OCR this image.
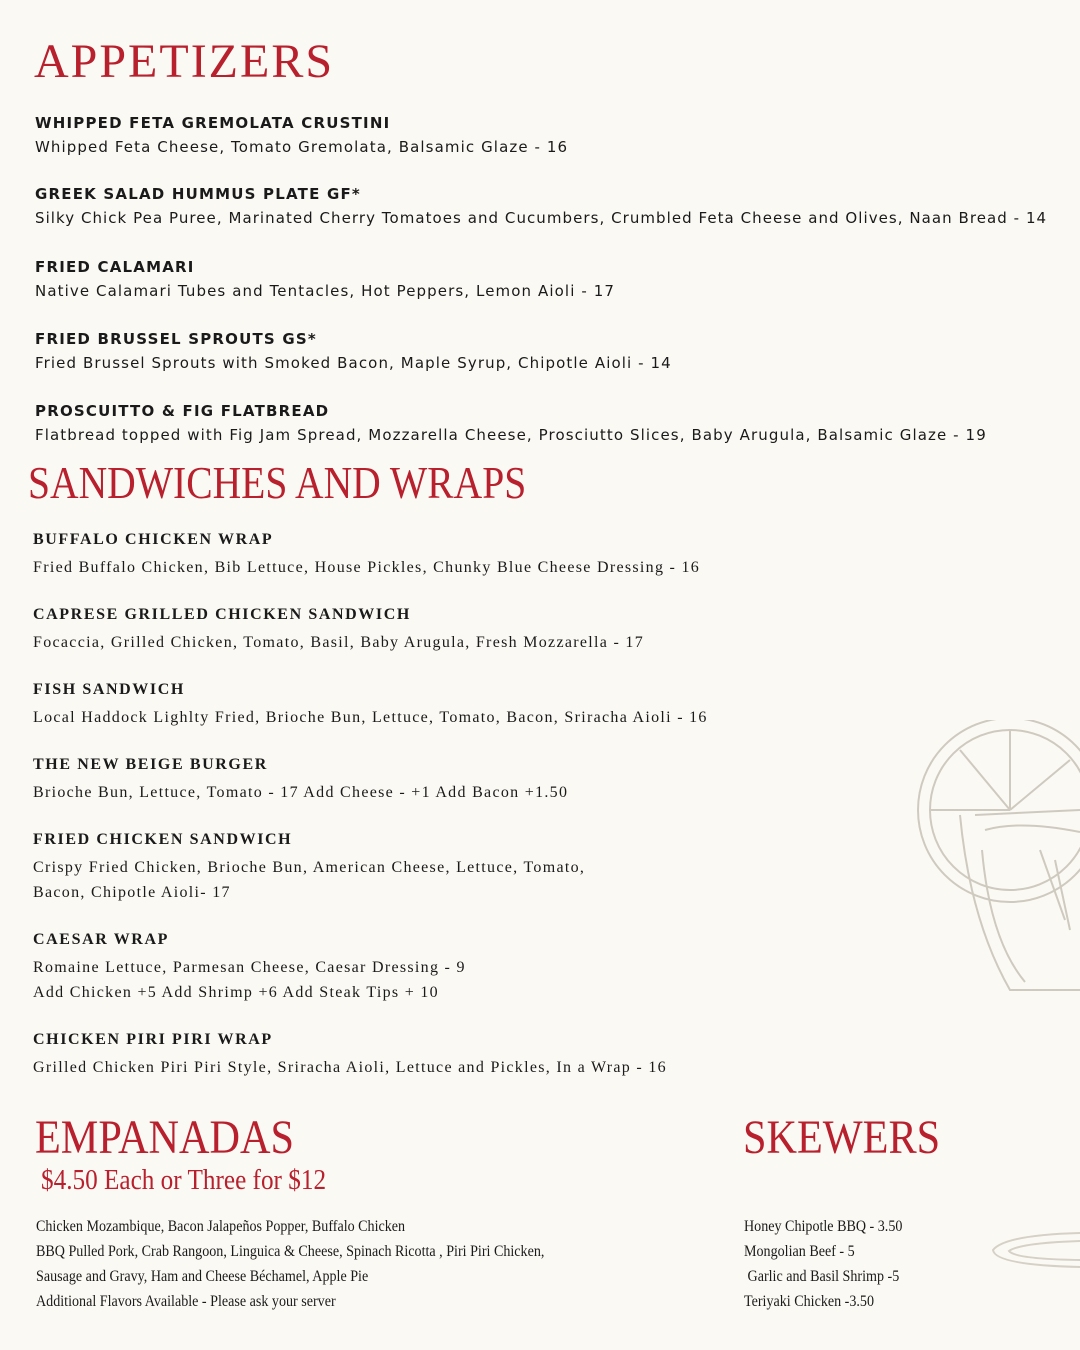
APPETIZERS

WHIPPED FETA GREMOLATA CRUSTINI

Whipped Feta Cheese, Tomato Gremolata, Balsamic Glaze - 16

GREEK SALAD HUMMUS PLATE GF*

Silky Chick Pea Puree, Marinated Cherry Tomatoes and Cucumbers, Crumbled Feta Cheese and Olives, Naan Bread - 14

FRIED CALAMARI

Native Calamari Tubes and Tentacles, Hot Peppers, Lemon Aioli - 17

FRIED BRUSSEL SPROUTS GS*

Fried Brussel Sprouts with Smoked Bacon, Maple Syrup, Chipotle Aioli - 14

PROSCUITTO & FIG FLATBREAD

Flatbread topped with Fig Jam Spread, Mozzarella Cheese, Prosciutto Slices, Baby Arugula, Balsamic Glaze - 19

SANDWICHES AND WRAPS

BUFFALO CHICKEN WRAP

Fried Buffalo Chicken, Bib Lettuce, House Pickles, Chunky Blue Cheese Dressing - 16

CAPRESE GRILLED CHICKEN SANDWICH

Focaccia, Grilled Chicken, Tomato, Basil, Baby Arugula, Fresh Mozzarella - 17

FISH SANDWICH

Local Haddock Lighlty Fried, Brioche Bun, Lettuce, Tomato, Bacon, Sriracha Aioli - 16

THE NEW BEIGE BURGER

Brioche Bun, Lettuce, Tomato - 17 Add Cheese - +1 Add Bacon +1.50

FRIED CHICKEN SANDWICH

Crispy Fried Chicken, Brioche Bun, American Cheese, Lettuce, Tomato,

Bacon, Chipotle Aioli- 17

CAESAR WRAP

Romaine Lettuce, Parmesan Cheese, Caesar Dressing - 9

Add Chicken +5 Add Shrimp +6 Add Steak Tips + 10

CHICKEN PIRI PIRI WRAP

Grilled Chicken Piri Piri Style, Sriracha Aioli, Lettuce and Pickles, In a Wrap - 16

EMPANADAS
$4.50 Each or Three for $12
Chicken Mozambique, Bacon Jalapeños Popper, Buffalo Chicken
BBQ Pulled Pork, Crab Rangoon, Linguica & Cheese, Spinach Ricotta , Piri Piri Chicken,
Sausage and Gravy, Ham and Cheese Béchamel, Apple Pie
Additional Flavors Available - Please ask your server
SKEWERS
Honey Chipotle BBQ - 3.50
Mongolian Beef - 5
Garlic and Basil Shrimp -5
Teriyaki Chicken -3.50
